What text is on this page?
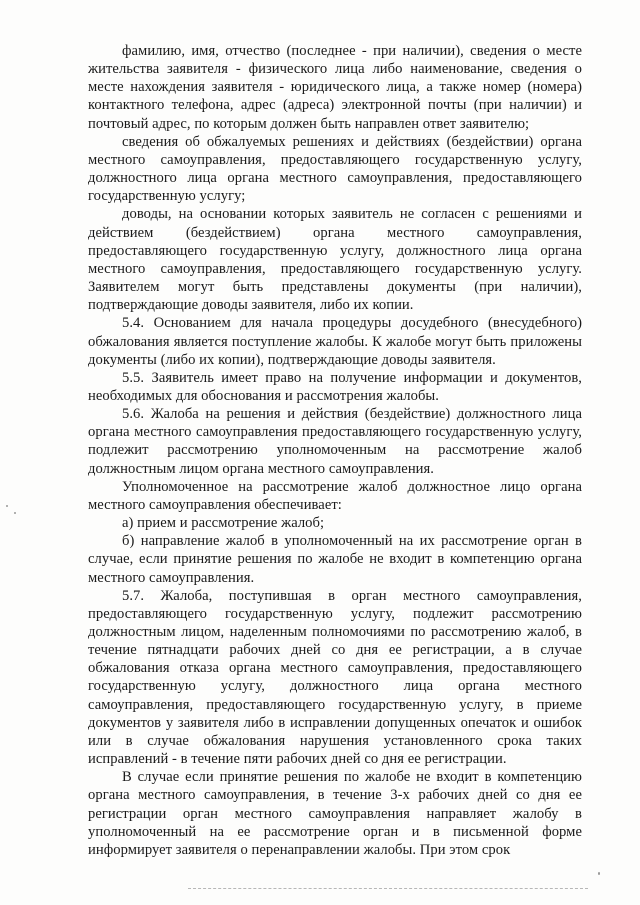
фамилию, имя, отчество (последнее - при наличии), сведения о месте жительства заявителя - физического лица либо наименование, сведения о месте нахождения заявителя - юридического лица, а также номер (номера) контактного телефона, адрес (адреса) электронной почты (при наличии) и почтовый адрес, по которым должен быть направлен ответ заявителю;

сведения об обжалуемых решениях и действиях (бездействии) органа местного самоуправления, предоставляющего государственную услугу, должностного лица органа местного самоуправления, предоставляющего государственную услугу;

доводы, на основании которых заявитель не согласен с решениями и действием (бездействием) органа местного самоуправления, предоставляющего государственную услугу, должностного лица органа местного самоуправления, предоставляющего государственную услугу. Заявителем могут быть представлены документы (при наличии), подтверждающие доводы заявителя, либо их копии.

5.4. Основанием для начала процедуры досудебного (внесудебного) обжалования является поступление жалобы. К жалобе могут быть приложены документы (либо их копии), подтверждающие доводы заявителя.

5.5. Заявитель имеет право на получение информации и документов, необходимых для обоснования и рассмотрения жалобы.

5.6. Жалоба на решения и действия (бездействие) должностного лица органа местного самоуправления предоставляющего государственную услугу, подлежит рассмотрению уполномоченным на рассмотрение жалоб должностным лицом органа местного самоуправления.

Уполномоченное на рассмотрение жалоб должностное лицо органа местного самоуправления обеспечивает:

а) прием и рассмотрение жалоб;

б) направление жалоб в уполномоченный на их рассмотрение орган в случае, если принятие решения по жалобе не входит в компетенцию органа местного самоуправления.

5.7. Жалоба, поступившая в орган местного самоуправления, предоставляющего государственную услугу, подлежит рассмотрению должностным лицом, наделенным полномочиями по рассмотрению жалоб, в течение пятнадцати рабочих дней со дня ее регистрации, а в случае обжалования отказа органа местного самоуправления, предоставляющего государственную услугу, должностного лица органа местного самоуправления, предоставляющего государственную услугу, в приеме документов у заявителя либо в исправлении допущенных опечаток и ошибок или в случае обжалования нарушения установленного срока таких исправлений - в течение пяти рабочих дней со дня ее регистрации.

В случае если принятие решения по жалобе не входит в компетенцию органа местного самоуправления, в течение 3-х рабочих дней со дня ее регистрации орган местного самоуправления направляет жалобу в уполномоченный на ее рассмотрение орган и в письменной форме информирует заявителя о перенаправлении жалобы. При этом срок
